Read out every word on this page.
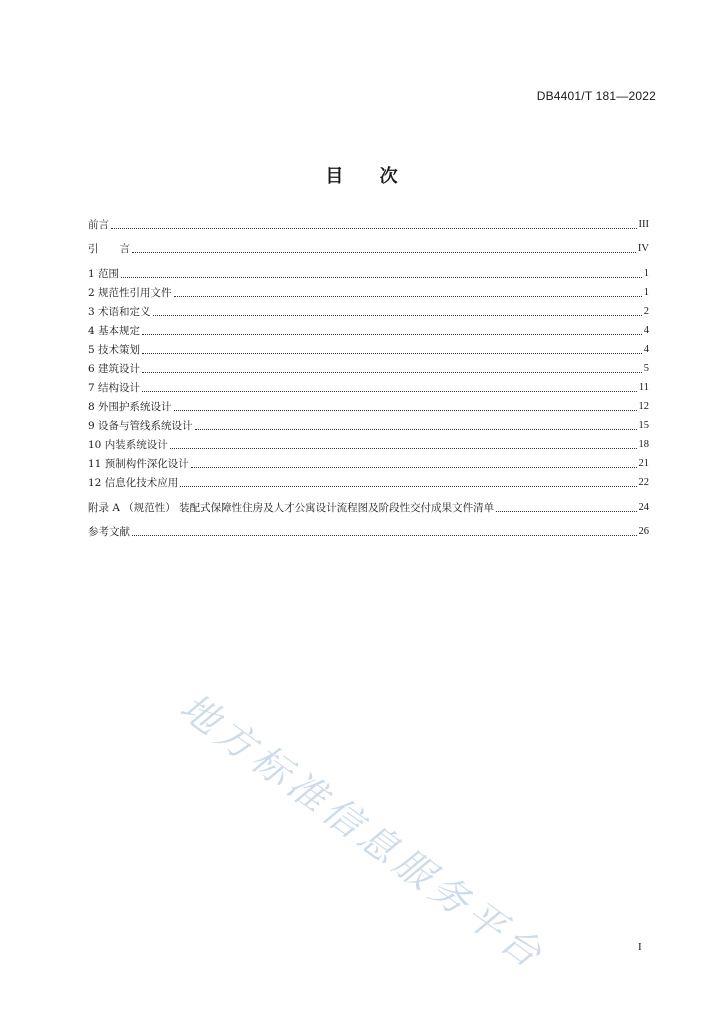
DB4401/T 181—2022
目 次
前言	III
引　　言	IV
1 范围	1
2 规范性引用文件	1
3 术语和定义	2
4 基本规定	4
5 技术策划	4
6 建筑设计	5
7 结构设计	11
8 外围护系统设计	12
9 设备与管线系统设计	15
10 内装系统设计	18
11 预制构件深化设计	21
12 信息化技术应用	22
附录 A （规范性） 装配式保障性住房及人才公寓设计流程图及阶段性交付成果文件清单	24
参考文献	26
地方标准信息服务平台	I
